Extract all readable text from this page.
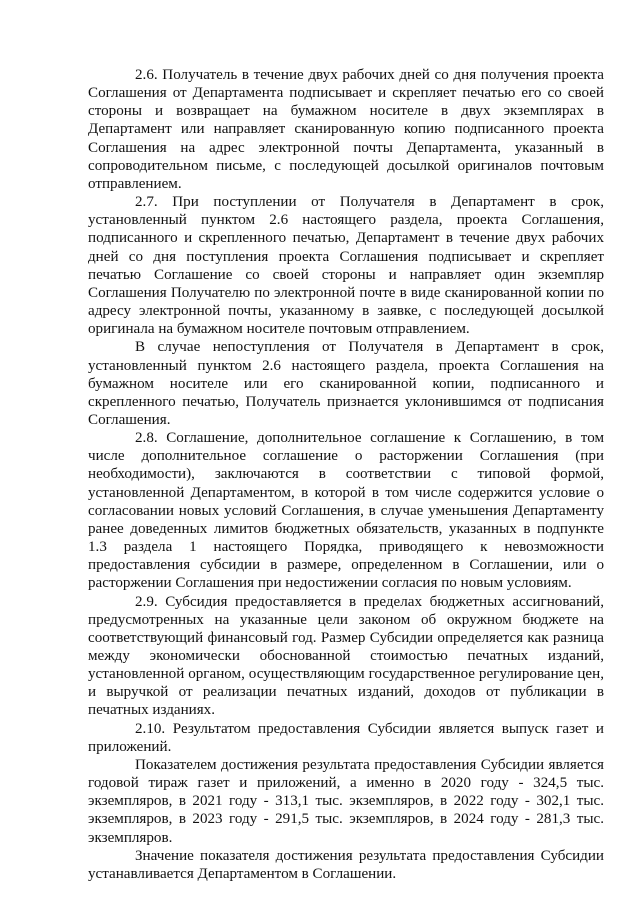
2.6. Получатель в течение двух рабочих дней со дня получения проекта Соглашения от Департамента подписывает и скрепляет печатью его со своей стороны и возвращает на бумажном носителе в двух экземплярах в Департамент или направляет сканированную копию подписанного проекта Соглашения на адрес электронной почты Департамента, указанный в сопроводительном письме, с последующей досылкой оригиналов почтовым отправлением.

2.7. При поступлении от Получателя в Департамент в срок, установленный пунктом 2.6 настоящего раздела, проекта Соглашения, подписанного и скрепленного печатью, Департамент в течение двух рабочих дней со дня поступления проекта Соглашения подписывает и скрепляет печатью Соглашение со своей стороны и направляет один экземпляр Соглашения Получателю по электронной почте в виде сканированной копии по адресу электронной почты, указанному в заявке, с последующей досылкой оригинала на бумажном носителе почтовым отправлением.

В случае непоступления от Получателя в Департамент в срок, установленный пунктом 2.6 настоящего раздела, проекта Соглашения на бумажном носителе или его сканированной копии, подписанного и скрепленного печатью, Получатель признается уклонившимся от подписания Соглашения.

2.8. Соглашение, дополнительное соглашение к Соглашению, в том числе дополнительное соглашение о расторжении Соглашения (при необходимости), заключаются в соответствии с типовой формой, установленной Департаментом, в которой в том числе содержится условие о согласовании новых условий Соглашения, в случае уменьшения Департаменту ранее доведенных лимитов бюджетных обязательств, указанных в подпункте 1.3 раздела 1 настоящего Порядка, приводящего к невозможности предоставления субсидии в размере, определенном в Соглашении, или о расторжении Соглашения при недостижении согласия по новым условиям.

2.9. Субсидия предоставляется в пределах бюджетных ассигнований, предусмотренных на указанные цели законом об окружном бюджете на соответствующий финансовый год. Размер Субсидии определяется как разница между экономически обоснованной стоимостью печатных изданий, установленной органом, осуществляющим государственное регулирование цен, и выручкой от реализации печатных изданий, доходов от публикации в печатных изданиях.

2.10. Результатом предоставления Субсидии является выпуск газет и приложений.

Показателем достижения результата предоставления Субсидии является годовой тираж газет и приложений, а именно в 2020 году - 324,5 тыс. экземпляров, в 2021 году - 313,1 тыс. экземпляров, в 2022 году - 302,1 тыс. экземпляров, в 2023 году - 291,5 тыс. экземпляров, в 2024 году - 281,3 тыс. экземпляров.

Значение показателя достижения результата предоставления Субсидии устанавливается Департаментом в Соглашении.
